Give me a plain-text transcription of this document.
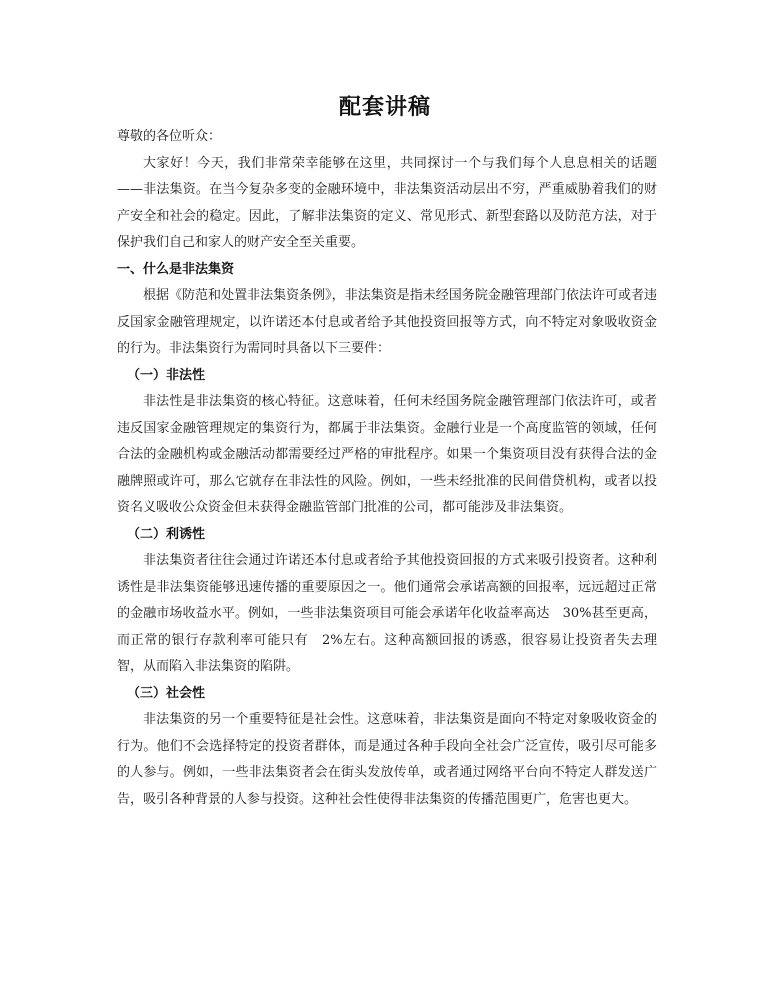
配套讲稿

尊敬的各位听众：

大家好！今天，我们非常荣幸能够在这里，共同探讨一个与我们每个人息息相关的话题——非法集资。在当今复杂多变的金融环境中，非法集资活动层出不穷，严重威胁着我们的财产安全和社会的稳定。因此，了解非法集资的定义、常见形式、新型套路以及防范方法，对于保护我们自己和家人的财产安全至关重要。

一、什么是非法集资

根据《防范和处置非法集资条例》，非法集资是指未经国务院金融管理部门依法许可或者违反国家金融管理规定，以许诺还本付息或者给予其他投资回报等方式，向不特定对象吸收资金的行为。非法集资行为需同时具备以下三要件：

（一）非法性

非法性是非法集资的核心特征。这意味着，任何未经国务院金融管理部门依法许可，或者违反国家金融管理规定的集资行为，都属于非法集资。金融行业是一个高度监管的领域，任何合法的金融机构或金融活动都需要经过严格的审批程序。如果一个集资项目没有获得合法的金融牌照或许可，那么它就存在非法性的风险。例如，一些未经批准的民间借贷机构，或者以投资名义吸收公众资金但未获得金融监管部门批准的公司，都可能涉及非法集资。

（二）利诱性

非法集资者往往会通过许诺还本付息或者给予其他投资回报的方式来吸引投资者。这种利诱性是非法集资能够迅速传播的重要原因之一。他们通常会承诺高额的回报率，远远超过正常的金融市场收益水平。例如，一些非法集资项目可能会承诺年化收益率高达　30%甚至更高，而正常的银行存款利率可能只有　2%左右。这种高额回报的诱惑，很容易让投资者失去理智，从而陷入非法集资的陷阱。

（三）社会性

非法集资的另一个重要特征是社会性。这意味着，非法集资是面向不特定对象吸收资金的行为。他们不会选择特定的投资者群体，而是通过各种手段向全社会广泛宣传，吸引尽可能多的人参与。例如，一些非法集资者会在街头发放传单，或者通过网络平台向不特定人群发送广告，吸引各种背景的人参与投资。这种社会性使得非法集资的传播范围更广，危害也更大。
